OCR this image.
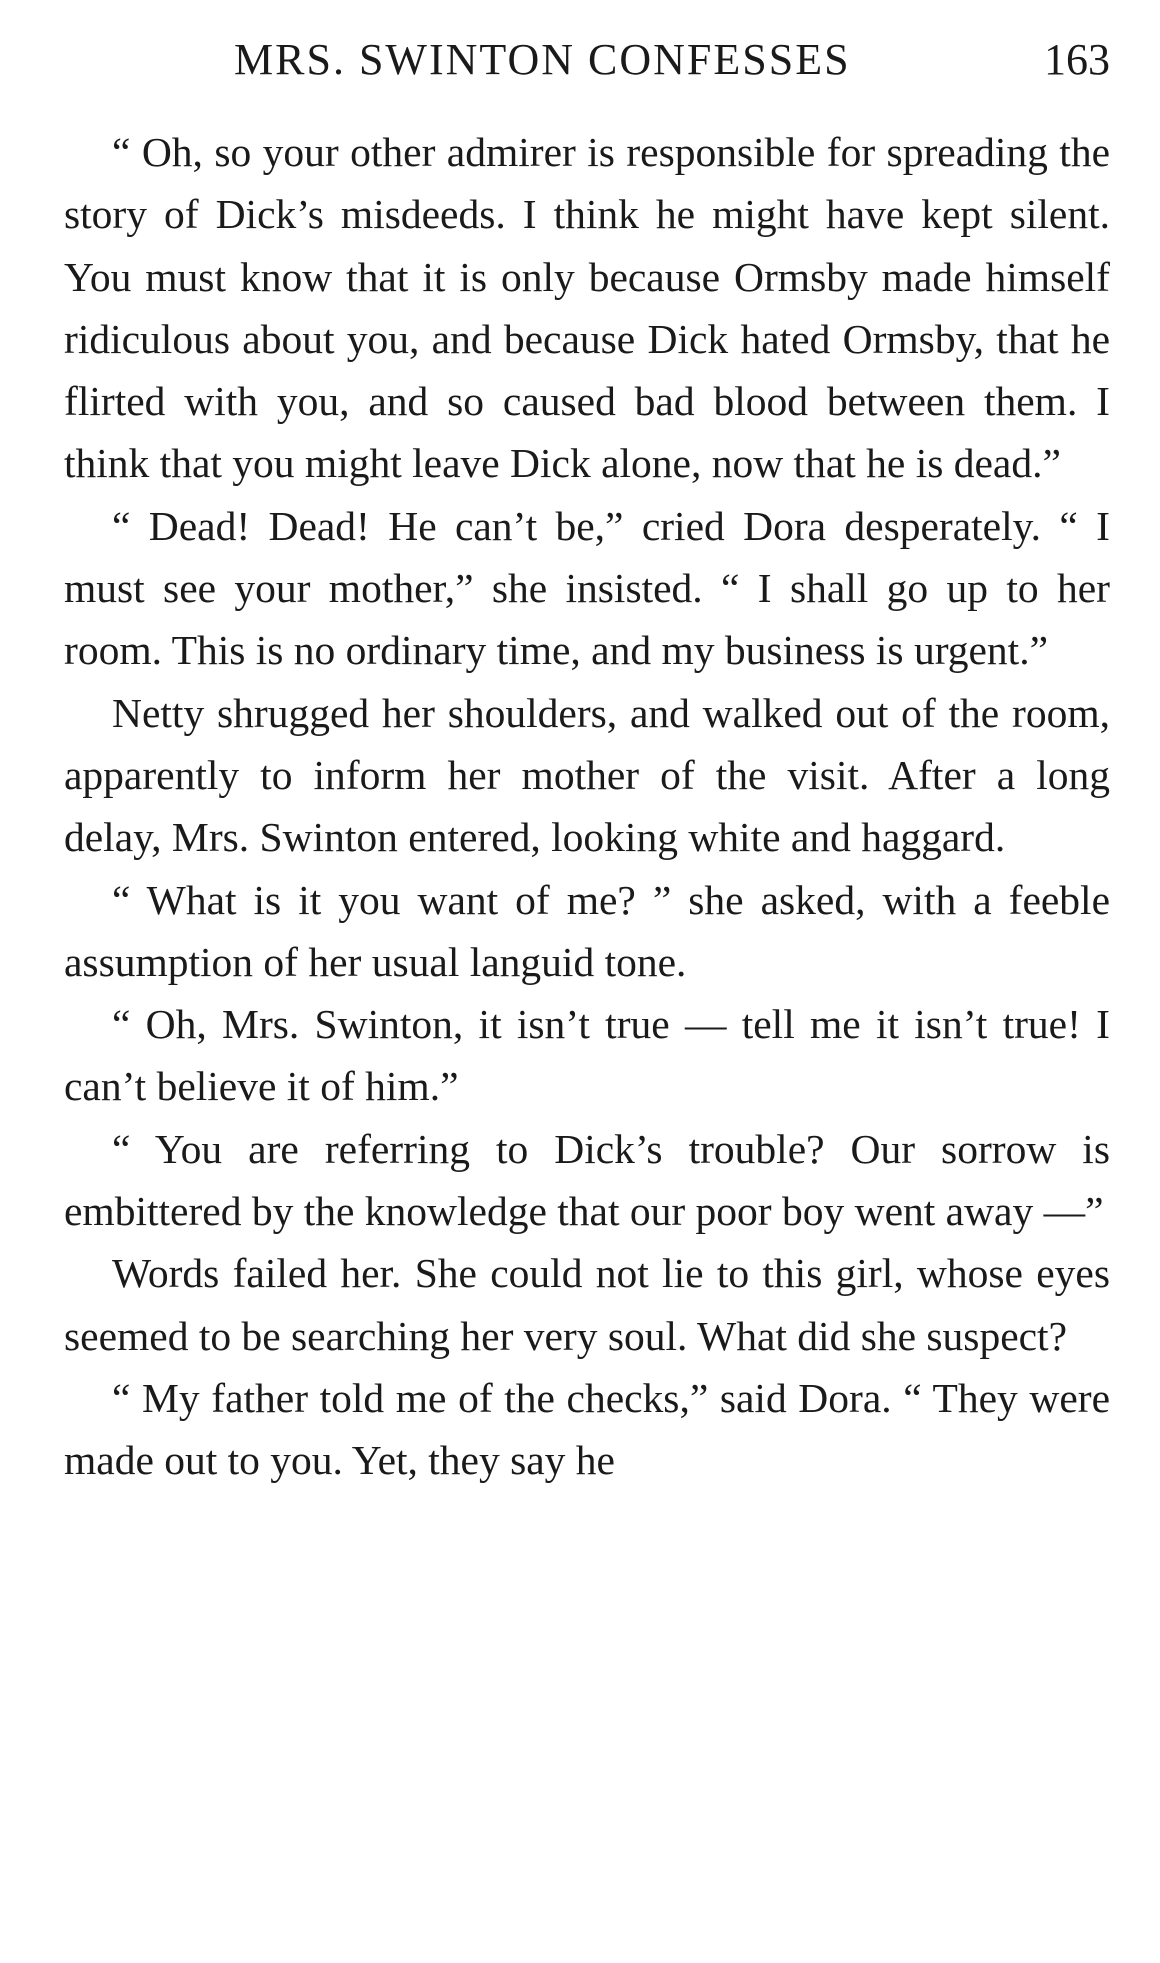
MRS. SWINTON CONFESSES	163

“ Oh, so your other admirer is responsible for spreading the story of Dick’s misdeeds. I think he might have kept silent. You must know that it is only because Ormsby made himself ridiculous about you, and because Dick hated Ormsby, that he flirted with you, and so caused bad blood between them. I think that you might leave Dick alone, now that he is dead.”

“ Dead! Dead! He can’t be,” cried Dora desperately. “ I must see your mother,” she insisted. “ I shall go up to her room. This is no ordinary time, and my business is urgent.”

Netty shrugged her shoulders, and walked out of the room, apparently to inform her mother of the visit. After a long delay, Mrs. Swinton entered, looking white and haggard.

“ What is it you want of me? ” she asked, with a feeble assumption of her usual languid tone.

“ Oh, Mrs. Swinton, it isn’t true — tell me it isn’t true! I can’t believe it of him.”

“ You are referring to Dick’s trouble? Our sorrow is embittered by the knowledge that our poor boy went away —”

Words failed her. She could not lie to this girl, whose eyes seemed to be searching her very soul. What did she suspect?

“ My father told me of the checks,” said Dora. “ They were made out to you. Yet, they say he
